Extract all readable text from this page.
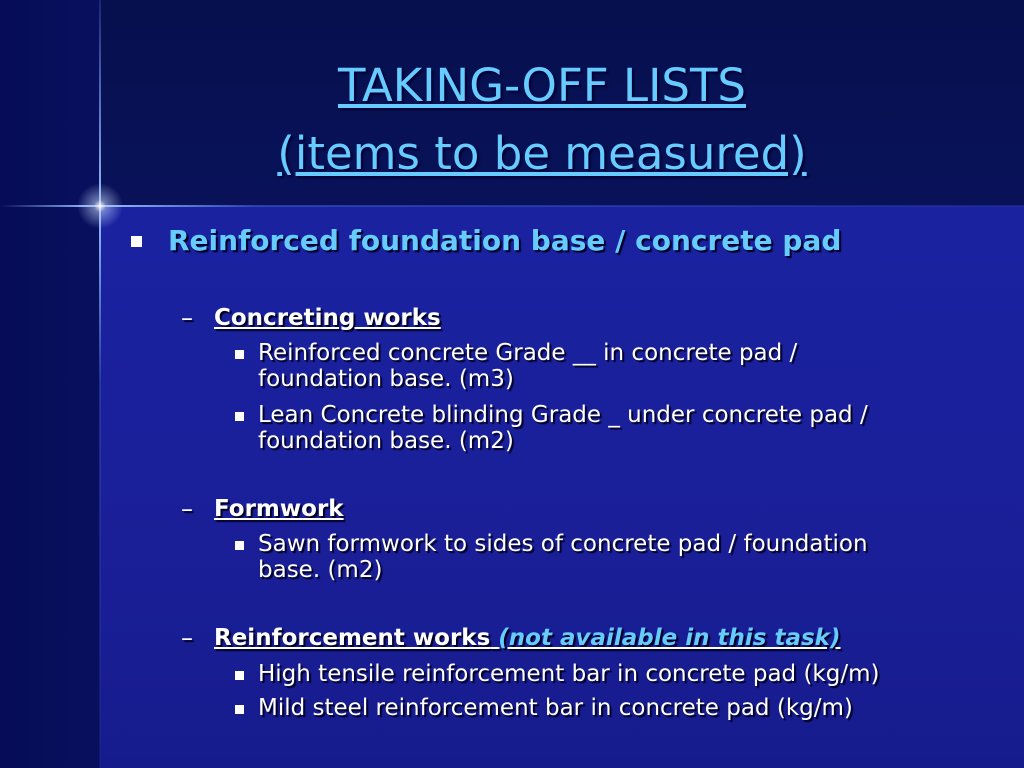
TAKING-OFF LISTS
(items to be measured)
Reinforced foundation base / concrete pad
– Concreting works
Reinforced concrete Grade __ in concrete pad /
foundation base. (m3)
Lean Concrete blinding Grade _ under concrete pad /
foundation base. (m2)
– Formwork
Sawn formwork to sides of concrete pad / foundation
base. (m2)
– Reinforcement works (not available in this task)
High tensile reinforcement bar in concrete pad (kg/m)
Mild steel reinforcement bar in concrete pad (kg/m)
